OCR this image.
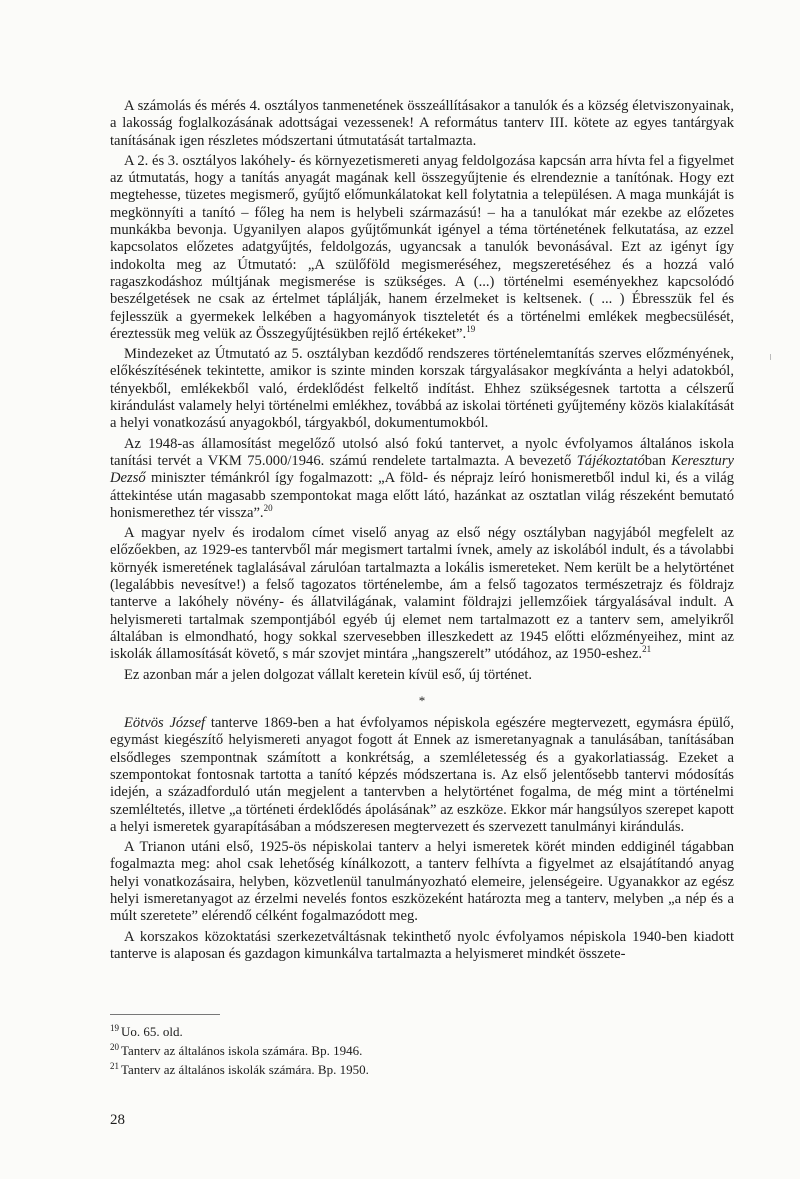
A számolás és mérés 4. osztályos tanmenetének összeállításakor a tanulók és a község életviszonyainak, a lakosság foglalkozásának adottságai vezessenek! A református tanterv III. kötete az egyes tantárgyak tanításának igen részletes módszertani útmutatását tartalmazta.

A 2. és 3. osztályos lakóhely- és környezetismereti anyag feldolgozása kapcsán arra hívta fel a figyelmet az útmutatás, hogy a tanítás anyagát magának kell összegyűjtenie és elrendeznie a tanítónak. Hogy ezt megtehesse, tüzetes megismerő, gyűjtő előmunkálatokat kell folytatnia a településen. A maga munkáját is megkönnyíti a tanító – főleg ha nem is helybeli származású! – ha a tanulókat már ezekbe az előzetes munkákba bevonja. Ugyanilyen alapos gyűjtőmunkát igényel a téma történetének felkutatása, az ezzel kapcsolatos előzetes adatgyűjtés, feldolgozás, ugyancsak a tanulók bevonásával. Ezt az igényt így indokolta meg az Útmutató: „A szülőföld megismeréséhez, megszeretéséhez és a hozzá való ragaszkodáshoz múltjának megismerése is szükséges. A (...) történelmi eseményekhez kapcsolódó beszélgetések ne csak az értelmet táplálják, hanem érzelmeket is keltsenek. ( ... ) Ébresszük fel és fejlesszük a gyermekek lelkében a hagyományok tiszteletét és a történelmi emlékek megbecsülését, éreztessük meg velük az Összegyűjtésükben rejlő értékeket”.$^{19}$

Mindezeket az Útmutató az 5. osztályban kezdődő rendszeres történelemtanítás szerves előzményének, előkészítésének tekintette, amikor is szinte minden korszak tárgyalásakor megkívánta a helyi adatokból, tényekből, emlékekből való, érdeklődést felkeltő indítást. Ehhez szükségesnek tartotta a célszerű kirándulást valamely helyi történelmi emlékhez, továbbá az iskolai történeti gyűjtemény közös kialakítását a helyi vonatkozású anyagokból, tárgyakból, dokumentumokból.

Az 1948-as államosítást megelőző utolsó alsó fokú tantervet, a nyolc évfolyamos általános iskola tanítási tervét a VKM 75.000/1946. számú rendelete tartalmazta. A bevezető Tájékoztatóban Keresztury Dezső miniszter témánkról így fogalmazott: „A föld- és néprajz leíró honismeretből indul ki, és a világ áttekintése után magasabb szempontokat maga előtt látó, hazánkat az osztatlan világ részeként bemutató honismerethez tér vissza”.$^{20}$

A magyar nyelv és irodalom címet viselő anyag az első négy osztályban nagyjából megfelelt az előzőekben, az 1929-es tantervből már megismert tartalmi ívnek, amely az iskolából indult, és a távolabbi környék ismeretének taglalásával zárulóan tartalmazta a lokális ismereteket. Nem került be a helytörténet (legalábbis nevesítve!) a felső tagozatos történelembe, ám a felső tagozatos természetrajz és földrajz tanterve a lakóhely növény- és állatvilágának, valamint földrajzi jellemzőiek tárgyalásával indult. A helyismereti tartalmak szempontjából egyéb új elemet nem tartalmazott ez a tanterv sem, amelyikről általában is elmondható, hogy sokkal szervesebben illeszkedett az 1945 előtti előzményeihez, mint az iskolák államosítását követő, s már szovjet mintára „hangszerelt” utódához, az 1950-eshez.$^{21}$

Ez azonban már a jelen dolgozat vállalt keretein kívül eső, új történet.

*

Eötvös József tanterve 1869-ben a hat évfolyamos népiskola egészére megtervezett, egymásra épülő, egymást kiegészítő helyismereti anyagot fogott át Ennek az ismeretanyagnak a tanulásában, tanításában elsődleges szempontnak számított a konkrétság, a szemléletesség és a gyakorlatiasság. Ezeket a szempontokat fontosnak tartotta a tanító képzés módszertana is. Az első jelentősebb tantervi módosítás idején, a századforduló után megjelent a tantervben a helytörténet fogalma, de még mint a történelmi szemléltetés, illetve „a történeti érdeklődés ápolásának” az eszköze. Ekkor már hangsúlyos szerepet kapott a helyi ismeretek gyarapításában a módszeresen megtervezett és szervezett tanulmányi kirándulás.

A Trianon utáni első, 1925-ös népiskolai tanterv a helyi ismeretek körét minden eddiginél tágabban fogalmazta meg: ahol csak lehetőség kínálkozott, a tanterv felhívta a figyelmet az elsajátítandó anyag helyi vonatkozásaira, helyben, közvetlenül tanulmányozható elemeire, jelenségeire. Ugyanakkor az egész helyi ismeretanyagot az érzelmi nevelés fontos eszközeként határozta meg a tanterv, melyben „a nép és a múlt szeretete” elérendő célként fogalmazódott meg.

A korszakos közoktatási szerkezetváltásnak tekinthető nyolc évfolyamos népiskola 1940-ben kiadott tanterve is alaposan és gazdagon kimunkálva tartalmazta a helyismeret mindkét összete-

$^{19}$ Uo. 65. old.
$^{20}$ Tanterv az általános iskola számára. Bp. 1946.
$^{21}$ Tanterv az általános iskolák számára. Bp. 1950.
28
